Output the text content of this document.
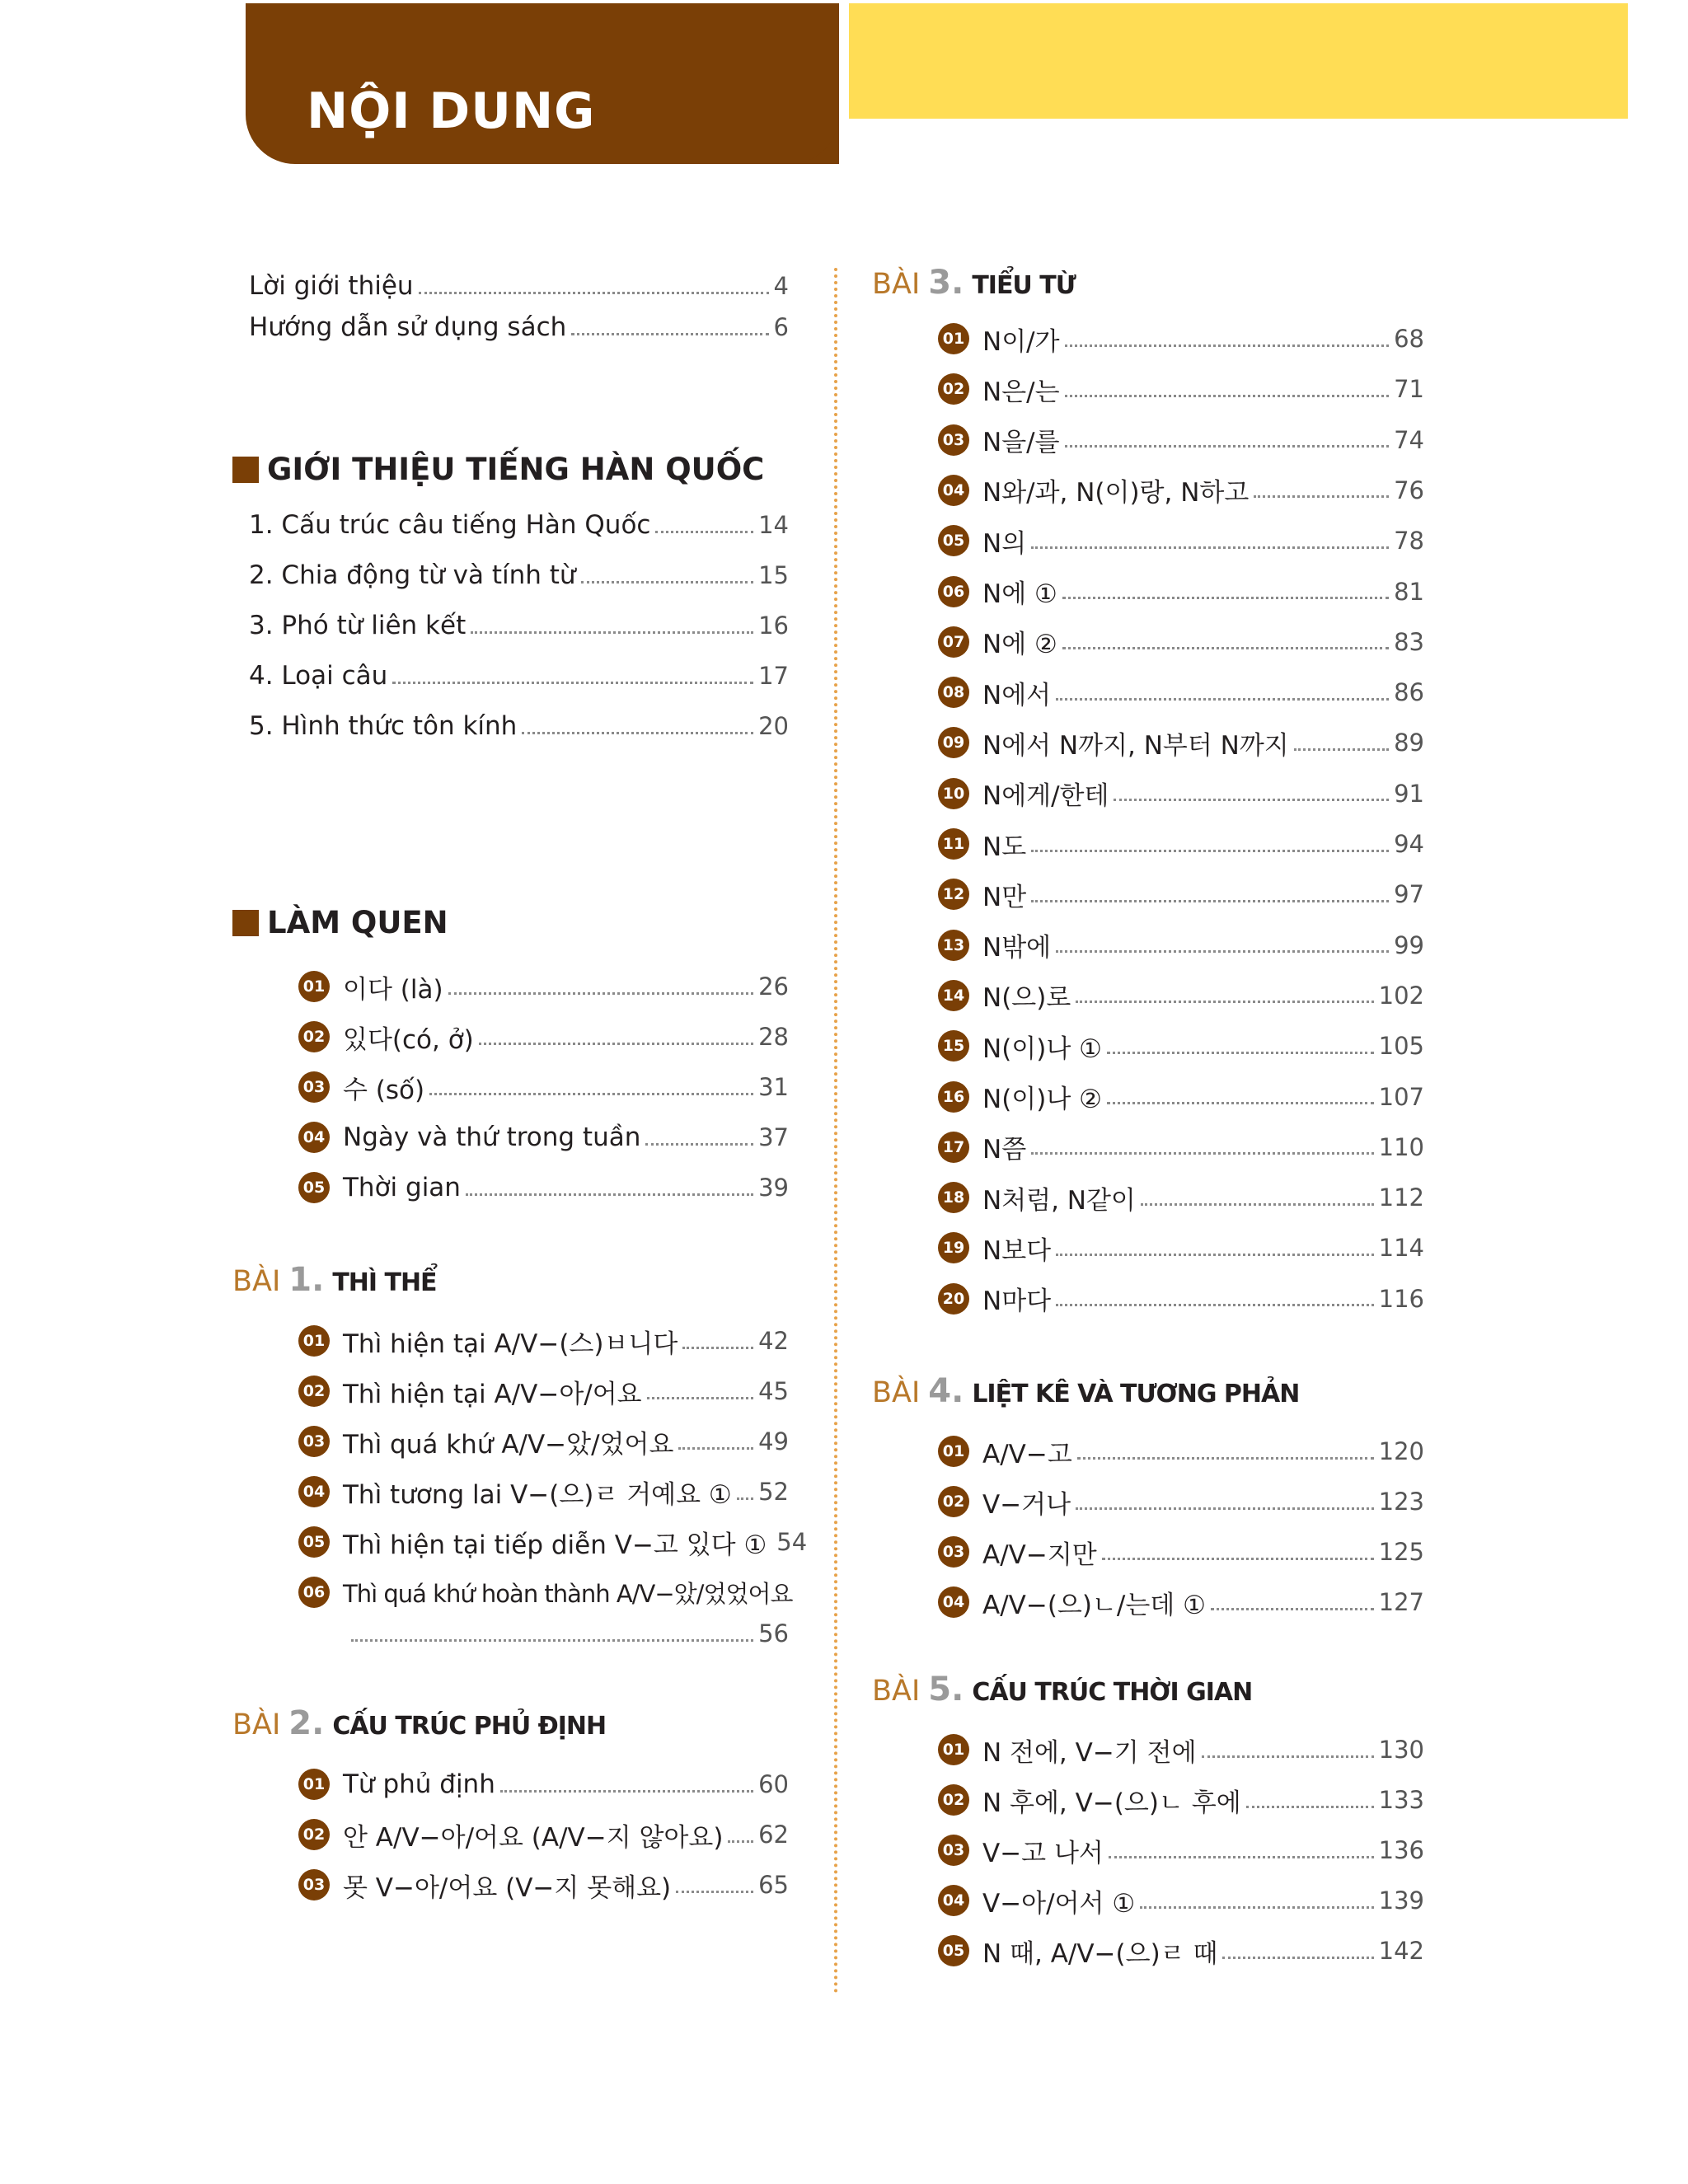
NỘI DUNG
Lời giới thiệu	4
Hướng dẫn sử dụng sách	6
GIỚI THIỆU TIẾNG HÀN QUỐC
LÀM QUEN
BÀI 1. THÌ THỂ
BÀI 2. CẤU TRÚC PHỦ ĐỊNH
BÀI 3. TIỂU TỪ
BÀI 4. LIỆT KÊ VÀ TƯƠNG PHẢN
BÀI 5. CẤU TRÚC THỜI GIAN
1. Cấu trúc câu tiếng Hàn Quốc	14
2. Chia động từ và tính từ	15
3. Phó từ liên kết	16
4. Loại câu	17
5. Hình thức tôn kính	20
01 이다 (là)	26
02 있다(có, ở)	28
03 수 (số)	31
04 Ngày và thứ trong tuần	37
05 Thời gian	39
01 Thì hiện tại A/V−(스)ㅂ니다	42
02 Thì hiện tại A/V−아/어요	45
03 Thì quá khứ A/V−았/었어요	49
04 Thì tương lai V−(으)ㄹ 거예요 ① 52
05 Thì hiện tại tiếp diễn V−고 있다 ① 54
06 Thì quá khứ hoàn thành A/V−았/었었어요
56
01 Từ phủ định	60
02 안 A/V−아/어요 (A/V−지 않아요) 62
03 못 V−아/어요 (V−지 못해요)	65
01 N이/가	68
02 N은/는	71
03 N을/를	74
04 N와/과, N(이)랑, N하고	76
05 N의	78
06 N에 ①	81
07 N에 ②	83
08 N에서	86
09 N에서 N까지, N부터 N까지	89
10 N에게/한테	91
11 N도	94
12 N만	97
13 N밖에	99
14 N(으)로	102
15 N(이)나 ①	105
16 N(이)나 ②	107
17 N쯤	110
18 N처럼, N같이	112
19 N보다	114
20 N마다	116
01 A/V−고	120
02 V−거나	123
03 A/V−지만	125
04 A/V−(으)ㄴ/는데 ①	127
01 N 전에, V−기 전에	130
02 N 후에, V−(으)ㄴ 후에	133
03 V−고 나서	136
04 V−아/어서 ①	139
05 N 때, A/V−(으)ㄹ 때	142
